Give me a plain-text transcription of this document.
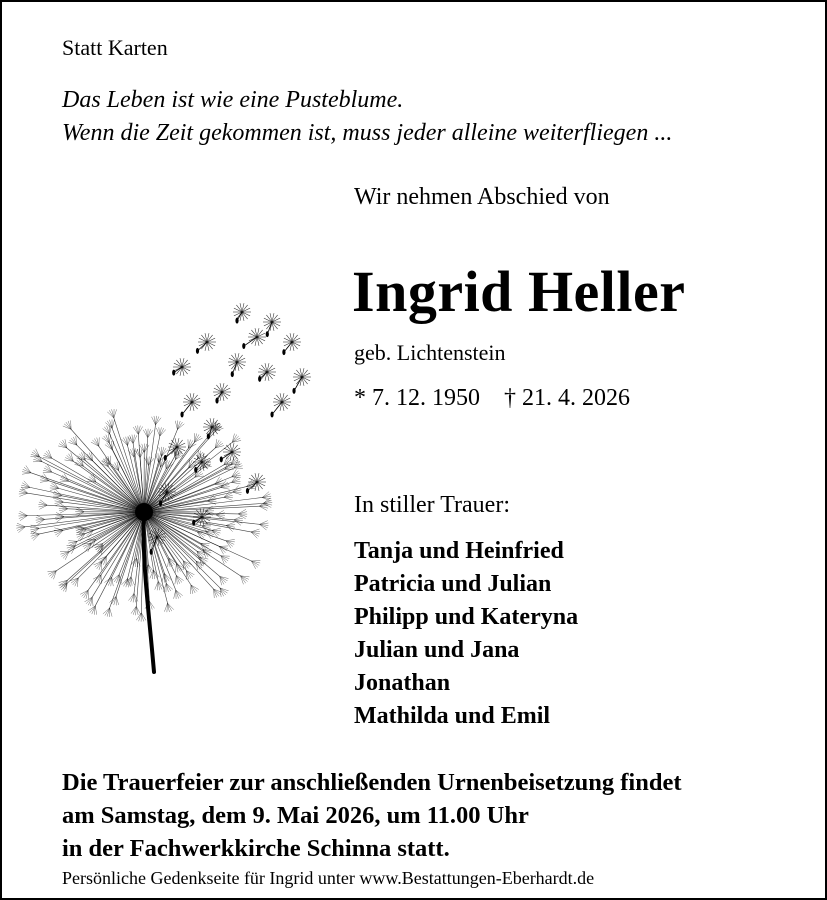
Statt Karten
Das Leben ist wie eine Pusteblume.
Wenn die Zeit gekommen ist, muss jeder alleine weiterfliegen ...
Wir nehmen Abschied von
Ingrid Heller
geb. Lichtenstein
* 7. 12. 1950 † 21. 4. 2026
In stiller Trauer:
Tanja und Heinfried
Patricia und Julian
Philipp und Kateryna
Julian und Jana
Jonathan
Mathilda und Emil
Die Trauerfeier zur anschließenden Urnenbeisetzung findet
am Samstag, dem 9. Mai 2026, um 11.00 Uhr
in der Fachwerkkirche Schinna statt.
Persönliche Gedenkseite für Ingrid unter www.Bestattungen-Eberhardt.de
